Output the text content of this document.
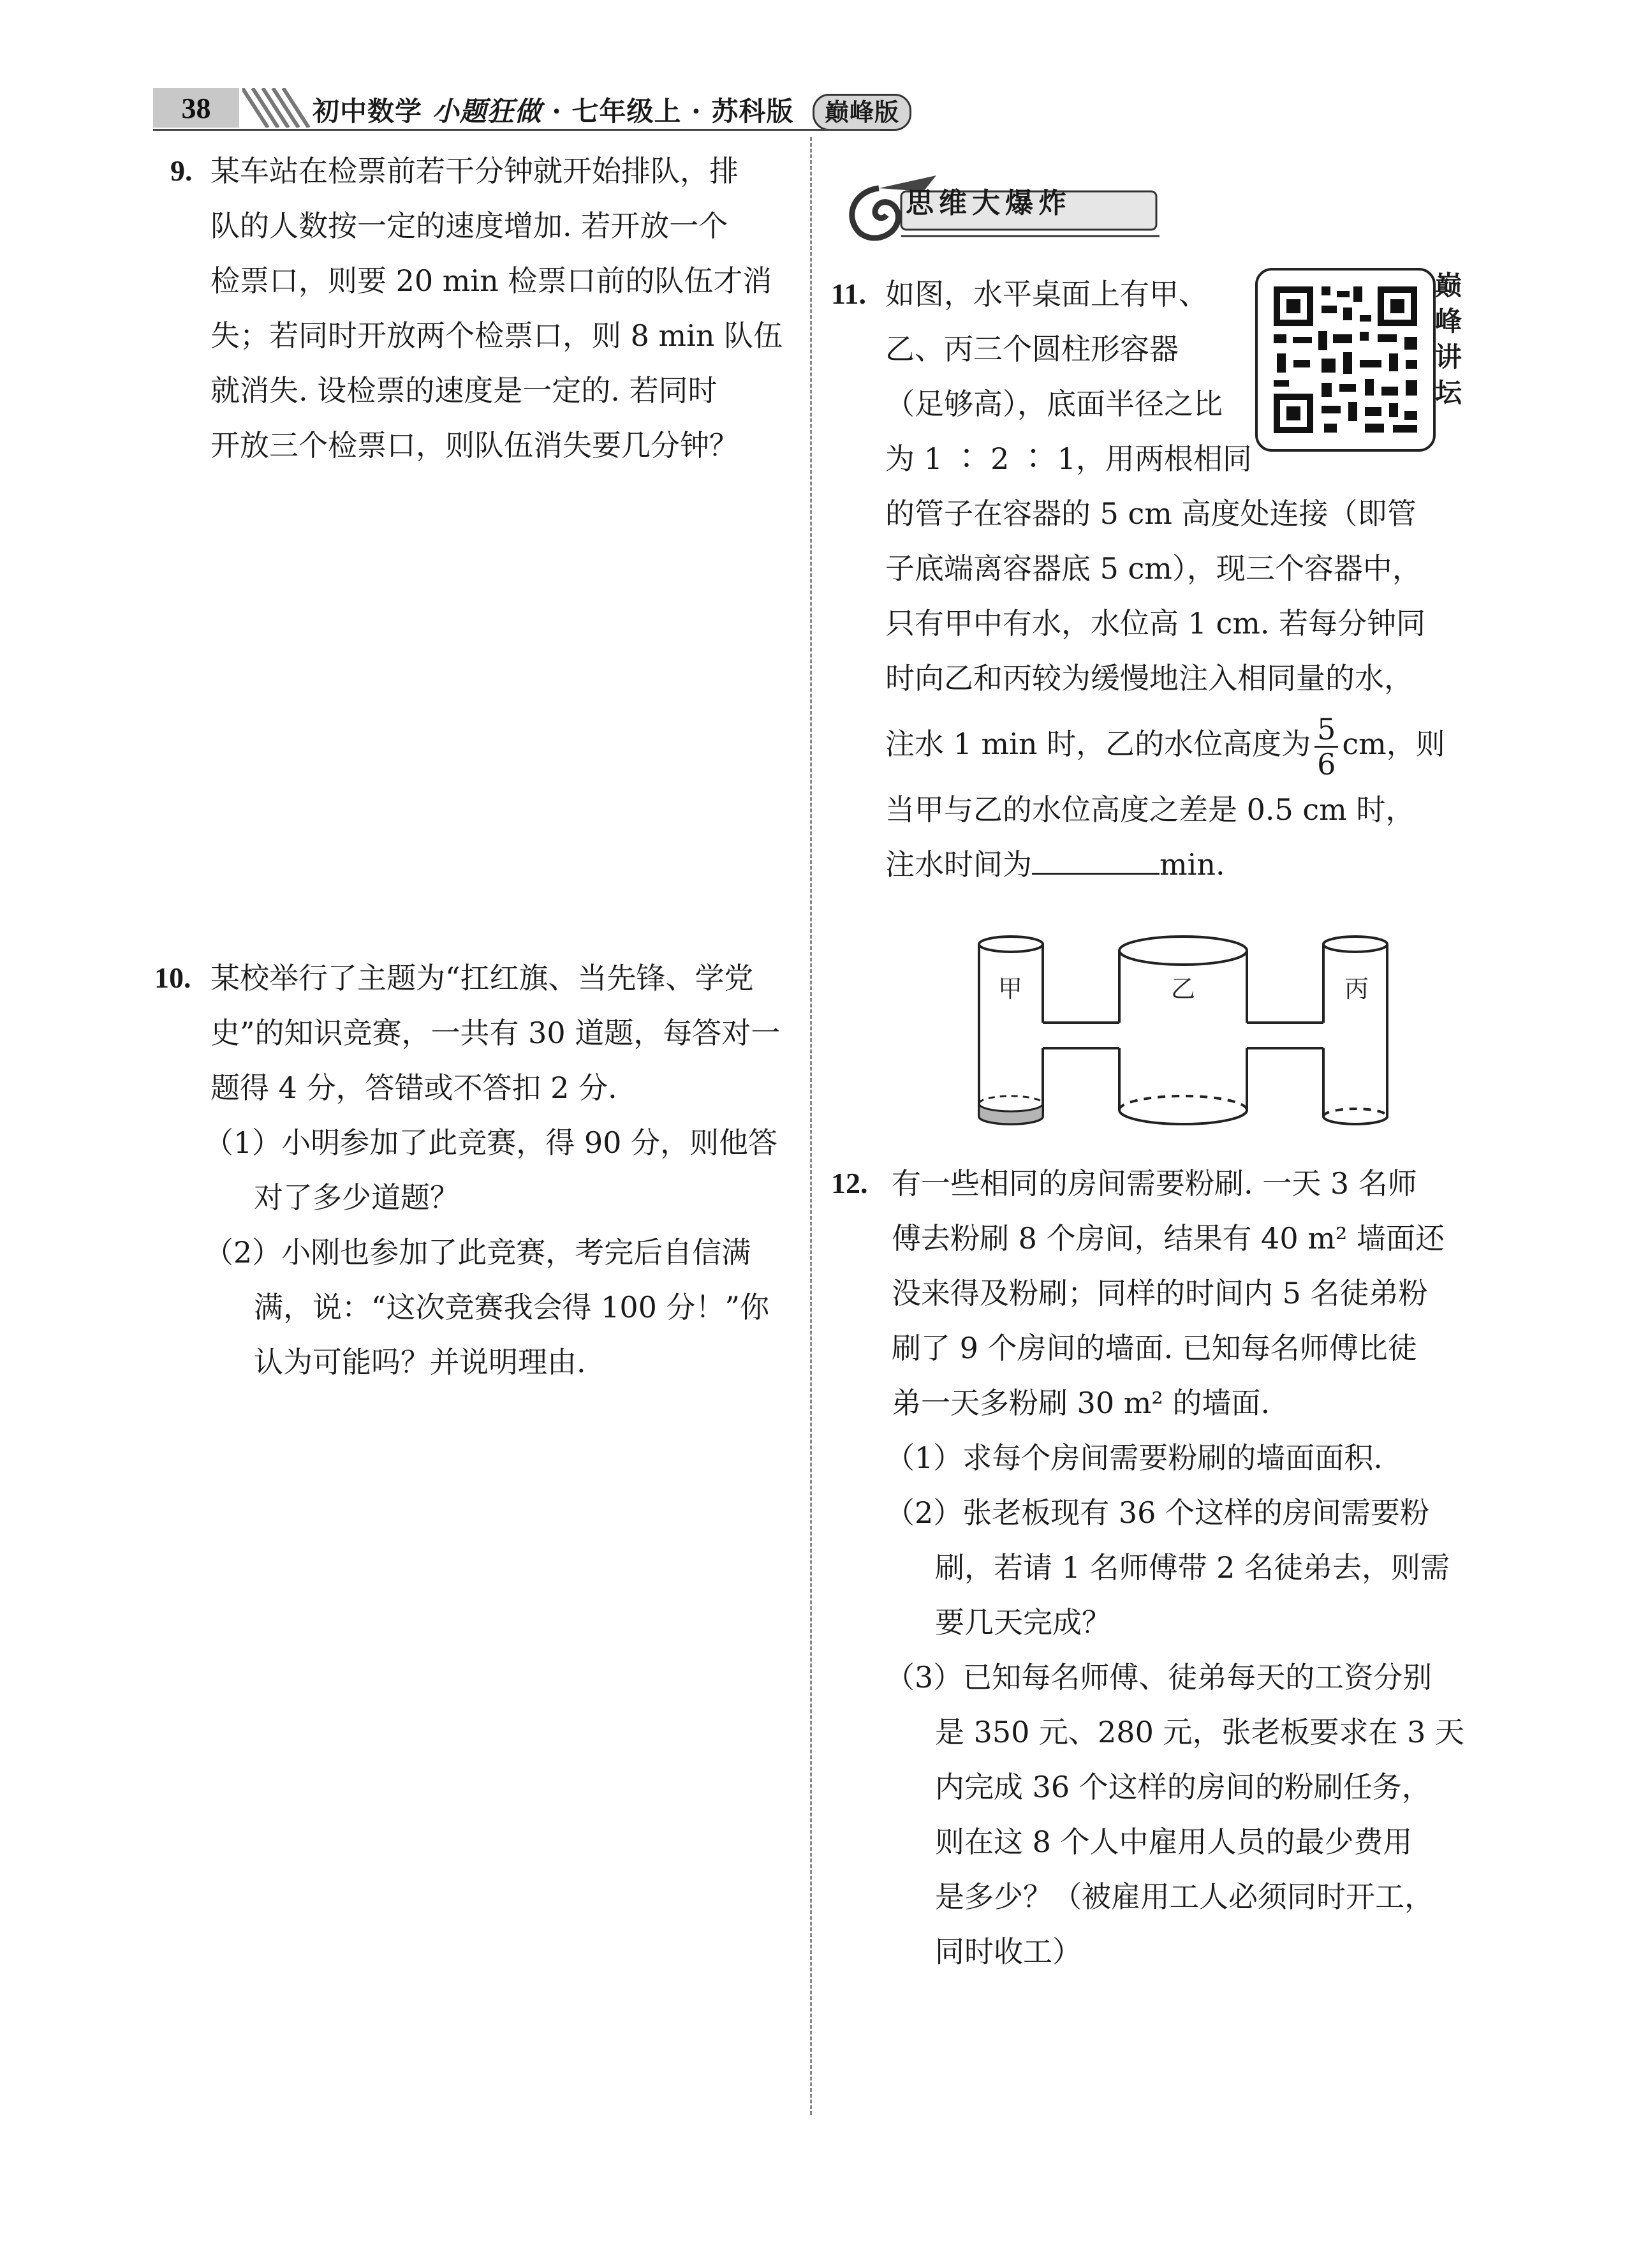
38	初中数学 小题狂做 · 七年级上 · 苏科版 巅峰版
9. 某车站在检票前若干分钟就开始排队，排

队的人数按一定的速度增加. 若开放一个

检票口，则要 20 min 检票口前的队伍才消

失；若同时开放两个检票口，则 8 min 队伍

就消失. 设检票的速度是一定的. 若同时

开放三个检票口，则队伍消失要几分钟？

10. 某校举行了主题为“扛红旗、当先锋、学党

史”的知识竞赛，一共有 30 道题，每答对一

题得 4 分，答错或不答扣 2 分.

（1）小明参加了此竞赛，得 90 分，则他答

对了多少道题？

（2）小刚也参加了此竞赛，考完后自信满

满，说：“这次竞赛我会得 100 分！”你

认为可能吗？并说明理由.

思维大爆炸
巅峰讲坛
11. 如图，水平桌面上有甲、

乙、丙三个圆柱形容器

（足够高），底面半径之比

为 1 ∶ 2 ∶ 1，用两根相同

的管子在容器的 5 cm 高度处连接（即管

子底端离容器底 5 cm），现三个容器中，

只有甲中有水，水位高 1 cm. 若每分钟同

时向乙和丙较为缓慢地注入相同量的水，

注水 1 min 时，乙的水位高度为 $\frac{5}{6}$ cm，则

当甲与乙的水位高度之差是 0.5 cm 时，

注水时间为	min.

甲	乙	丙
12. 有一些相同的房间需要粉刷. 一天 3 名师

傅去粉刷 8 个房间，结果有 40 m² 墙面还

没来得及粉刷；同样的时间内 5 名徒弟粉

刷了 9 个房间的墙面. 已知每名师傅比徒

弟一天多粉刷 30 m² 的墙面.

（1）求每个房间需要粉刷的墙面面积.

（2）张老板现有 36 个这样的房间需要粉

刷，若请 1 名师傅带 2 名徒弟去，则需

要几天完成？

（3）已知每名师傅、徒弟每天的工资分别

是 350 元、280 元，张老板要求在 3 天

内完成 36 个这样的房间的粉刷任务，

则在这 8 个人中雇用人员的最少费用

是多少？（被雇用工人必须同时开工，

同时收工）
